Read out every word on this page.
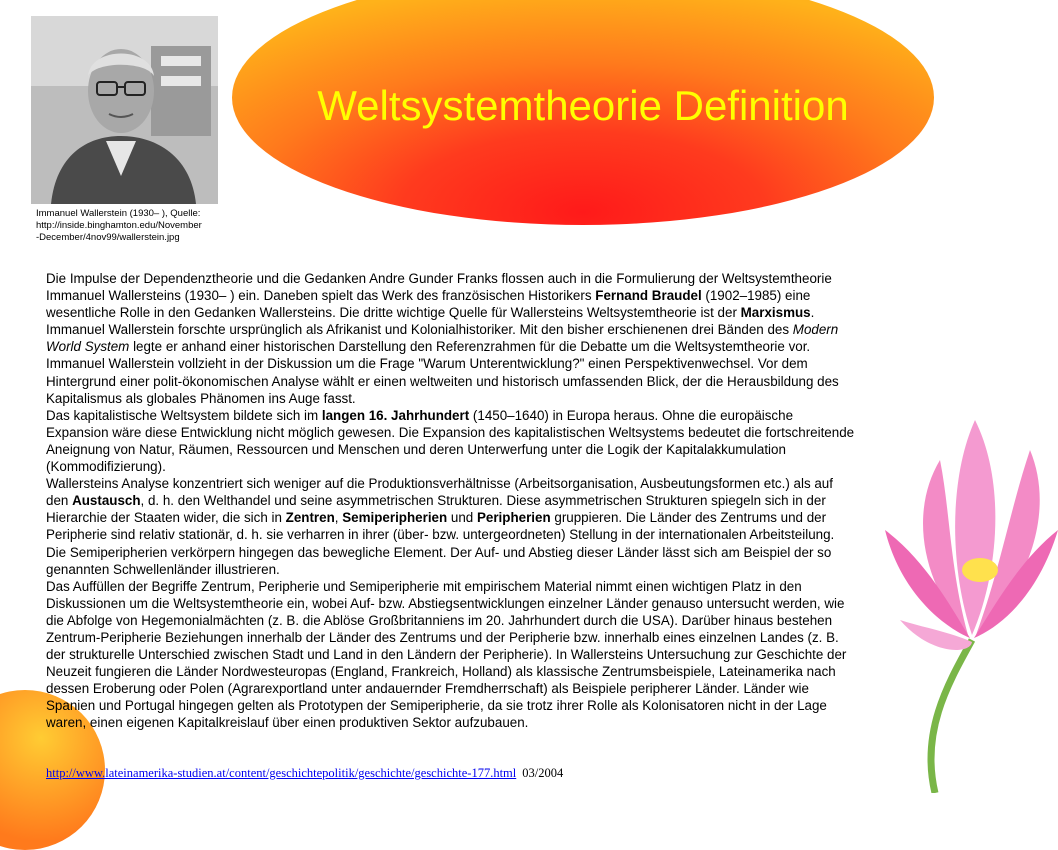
Weltsystemtheorie Definition
Immanuel Wallerstein (1930– ), Quelle:
http://inside.binghamton.edu/November
-December/4nov99/wallerstein.jpg
Die Impulse der Dependenztheorie und die Gedanken Andre Gunder Franks flossen auch in die Formulierung der Weltsystemtheorie
Immanuel Wallersteins (1930– ) ein. Daneben spielt das Werk des französischen Historikers Fernand Braudel (1902–1985) eine
wesentliche Rolle in den Gedanken Wallersteins. Die dritte wichtige Quelle für Wallersteins Weltsystemtheorie ist der Marxismus.
Immanuel Wallerstein forschte ursprünglich als Afrikanist und Kolonialhistoriker. Mit den bisher erschienenen drei Bänden des Modern
World System legte er anhand einer historischen Darstellung den Referenzrahmen für die Debatte um die Weltsystemtheorie vor.
Immanuel Wallerstein vollzieht in der Diskussion um die Frage "Warum Unterentwicklung?" einen Perspektivenwechsel. Vor dem
Hintergrund einer polit-ökonomischen Analyse wählt er einen weltweiten und historisch umfassenden Blick, der die Herausbildung des
Kapitalismus als globales Phänomen ins Auge fasst.
Das kapitalistische Weltsystem bildete sich im langen 16. Jahrhundert (1450–1640) in Europa heraus. Ohne die europäische
Expansion wäre diese Entwicklung nicht möglich gewesen. Die Expansion des kapitalistischen Weltsystems bedeutet die fortschreitende
Aneignung von Natur, Räumen, Ressourcen und Menschen und deren Unterwerfung unter die Logik der Kapitalakkumulation
(Kommodifizierung).
Wallersteins Analyse konzentriert sich weniger auf die Produktionsverhältnisse (Arbeitsorganisation, Ausbeutungsformen etc.) als auf
den Austausch, d. h. den Welthandel und seine asymmetrischen Strukturen. Diese asymmetrischen Strukturen spiegeln sich in der
Hierarchie der Staaten wider, die sich in Zentren, Semiperipherien und Peripherien gruppieren. Die Länder des Zentrums und der
Peripherie sind relativ stationär, d. h. sie verharren in ihrer (über- bzw. untergeordneten) Stellung in der internationalen Arbeitsteilung.
Die Semiperipherien verkörpern hingegen das bewegliche Element. Der Auf- und Abstieg dieser Länder lässt sich am Beispiel der so
genannten Schwellenländer illustrieren.
Das Auffüllen der Begriffe Zentrum, Peripherie und Semiperipherie mit empirischem Material nimmt einen wichtigen Platz in den
Diskussionen um die Weltsystemtheorie ein, wobei Auf- bzw. Abstiegsentwicklungen einzelner Länder genauso untersucht werden, wie
die Abfolge von Hegemonialmächten (z. B. die Ablöse Großbritanniens im 20. Jahrhundert durch die USA). Darüber hinaus bestehen
Zentrum-Peripherie Beziehungen innerhalb der Länder des Zentrums und der Peripherie bzw. innerhalb eines einzelnen Landes (z. B.
der strukturelle Unterschied zwischen Stadt und Land in den Ländern der Peripherie). In Wallersteins Untersuchung zur Geschichte der
Neuzeit fungieren die Länder Nordwesteuropas (England, Frankreich, Holland) als klassische Zentrumsbeispiele, Lateinamerika nach
dessen Eroberung oder Polen (Agrarexportland unter andauernder Fremdherrschaft) als Beispiele peripherer Länder. Länder wie
Spanien und Portugal hingegen gelten als Prototypen der Semiperipherie, da sie trotz ihrer Rolle als Kolonisatoren nicht in der Lage
waren, einen eigenen Kapitalkreislauf über einen produktiven Sektor aufzubauen.
http://www.lateinamerika-studien.at/content/geschichtepolitik/geschichte/geschichte-177.html 03/2004
